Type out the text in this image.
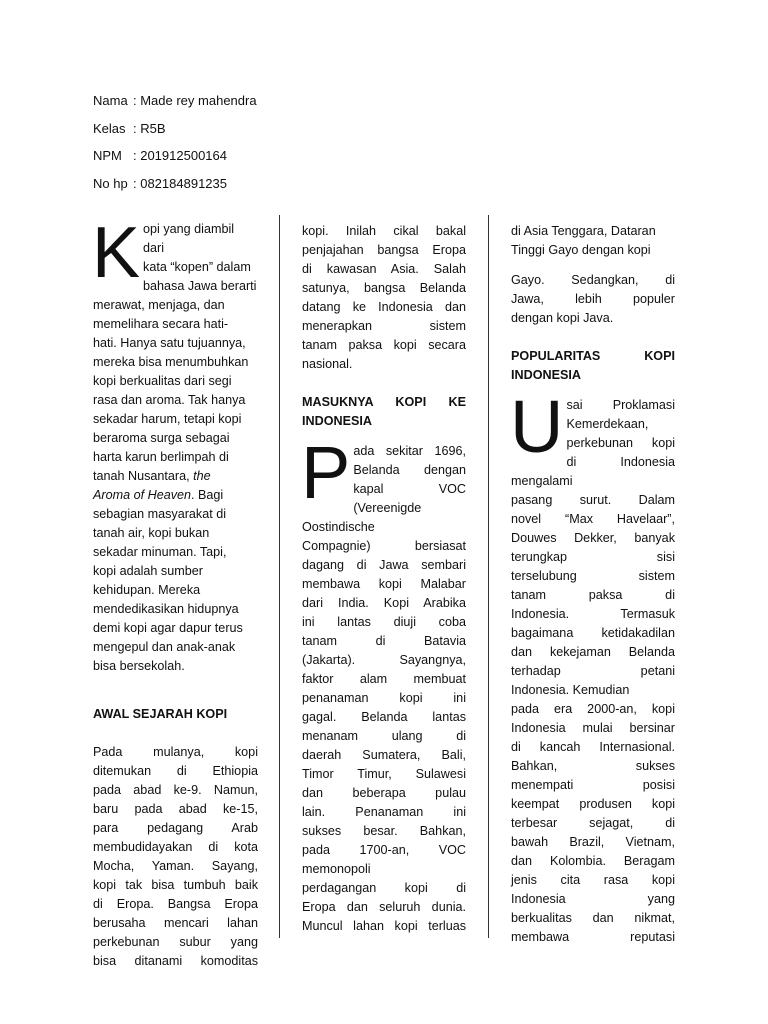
Nama : Made rey mahendra
Kelas : R5B
NPM : 201912500164
No hp : 082184891235
K opi yang diambil dari
kata “kopen” dalam
bahasa Jawa berarti
merawat, menjaga, dan
memelihara secara hati-
hati. Hanya satu tujuannya,
mereka bisa menumbuhkan
kopi berkualitas dari segi
rasa dan aroma. Tak hanya
sekadar harum, tetapi kopi
beraroma surga sebagai
harta karun berlimpah di
tanah Nusantara, the
Aroma of Heaven. Bagi
sebagian masyarakat di
tanah air, kopi bukan
sekadar minuman. Tapi,
kopi adalah sumber
kehidupan. Mereka
mendedikasikan hidupnya
demi kopi agar dapur terus
mengepul dan anak-anak
bisa bersekolah.

AWAL SEJARAH KOPI

Pada mulanya, kopi
ditemukan di Ethiopia
pada abad ke-9. Namun,
baru pada abad ke-15,
para pedagang Arab
membudidayakan di kota
Mocha, Yaman. Sayang,
kopi tak bisa tumbuh baik
di Eropa. Bangsa Eropa
berusaha mencari lahan
perkebunan subur yang
bisa ditanami komoditas
kopi. Inilah cikal bakal
penjajahan bangsa Eropa
di kawasan Asia. Salah
satunya, bangsa Belanda
datang ke Indonesia dan
menerapkan sistem
tanam paksa kopi secara
nasional.
MASUKNYA KOPI KE
INDONESIA
P ada sekitar 1696,
Belanda dengan
kapal VOC
(Vereenigde Oostindische
Compagnie) bersiasat
dagang di Jawa sembari
membawa kopi Malabar
dari India. Kopi Arabika
ini lantas diuji coba
tanam di Batavia
(Jakarta). Sayangnya,
faktor alam membuat
penanaman kopi ini
gagal. Belanda lantas
menanam ulang di
daerah Sumatera, Bali,
Timor Timur, Sulawesi
dan beberapa pulau
lain. Penanaman ini
sukses besar. Bahkan,
pada 1700-an, VOC
memonopoli
perdagangan kopi di
Eropa dan seluruh dunia.
Muncul lahan kopi terluas
di Asia Tenggara, Dataran
Tinggi Gayo dengan kopi
Gayo. Sedangkan, di
Jawa, lebih populer
dengan kopi Java.
POPULARITAS KOPI
INDONESIA
U sai Proklamasi
Kemerdekaan,
perkebunan kopi
di Indonesia mengalami
pasang surut. Dalam
novel “Max Havelaar”,
Douwes Dekker, banyak
terungkap sisi
terselubung sistem
tanam paksa di
Indonesia. Termasuk
bagaimana ketidakadilan
dan kekejaman Belanda
terhadap petani
Indonesia. Kemudian
pada era 2000-an, kopi
Indonesia mulai bersinar
di kancah Internasional.
Bahkan, sukses
menempati posisi
keempat produsen kopi
terbesar sejagat, di
bawah Brazil, Vietnam,
dan Kolombia. Beragam
jenis cita rasa kopi
Indonesia yang
berkualitas dan nikmat,
membawa reputasi
